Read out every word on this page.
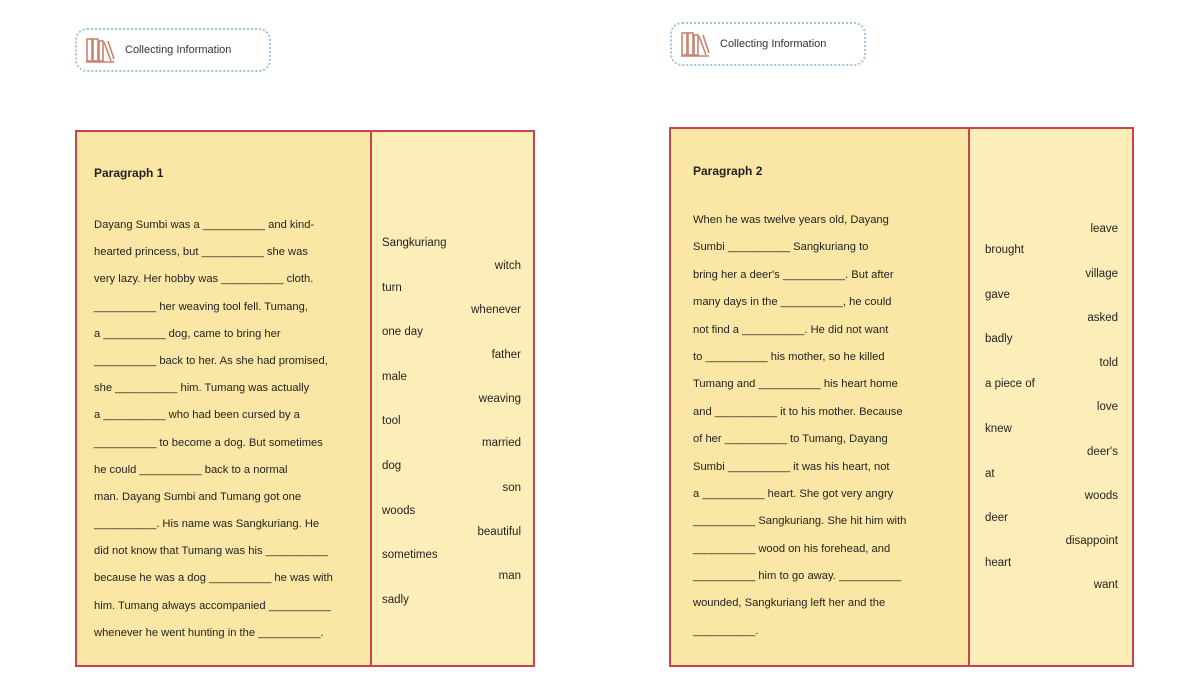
Collecting Information	Collecting Information
Paragraph 1
Dayang Sumbi was a __________ and kind-
hearted princess, but __________ she was
very lazy. Her hobby was __________ cloth.
__________ her weaving tool fell. Tumang,
a __________ dog, came to bring her
__________ back to her. As she had promised,
she __________ him. Tumang was actually
a __________ who had been cursed by a
__________ to become a dog. But sometimes
he could __________ back to a normal
man. Dayang Sumbi and Tumang got one
__________. His name was Sangkuriang. He
did not know that Tumang was his __________
because he was a dog __________ he was with
him. Tumang always accompanied __________
whenever he went hunting in the __________.
Sangkuriang
turn
one day
male
tool
dog
woods
sometimes
sadly
witch
whenever
father
weaving
married
son
beautiful
man
Paragraph 2
When he was twelve years old, Dayang
Sumbi __________ Sangkuriang to
bring her a deer's __________. But after
many days in the __________, he could
not find a __________. He did not want
to __________ his mother, so he killed
Tumang and __________ his heart home
and __________ it to his mother. Because
of her __________ to Tumang, Dayang
Sumbi __________ it was his heart, not
a __________ heart. She got very angry
__________ Sangkuriang. She hit him with
__________ wood on his forehead, and
__________ him to go away. __________
wounded, Sangkuriang left her and the
__________.
brought
gave
badly
a piece of
knew
at
deer
heart
leave
village
asked
told
love
deer's
woods
disappoint
want
